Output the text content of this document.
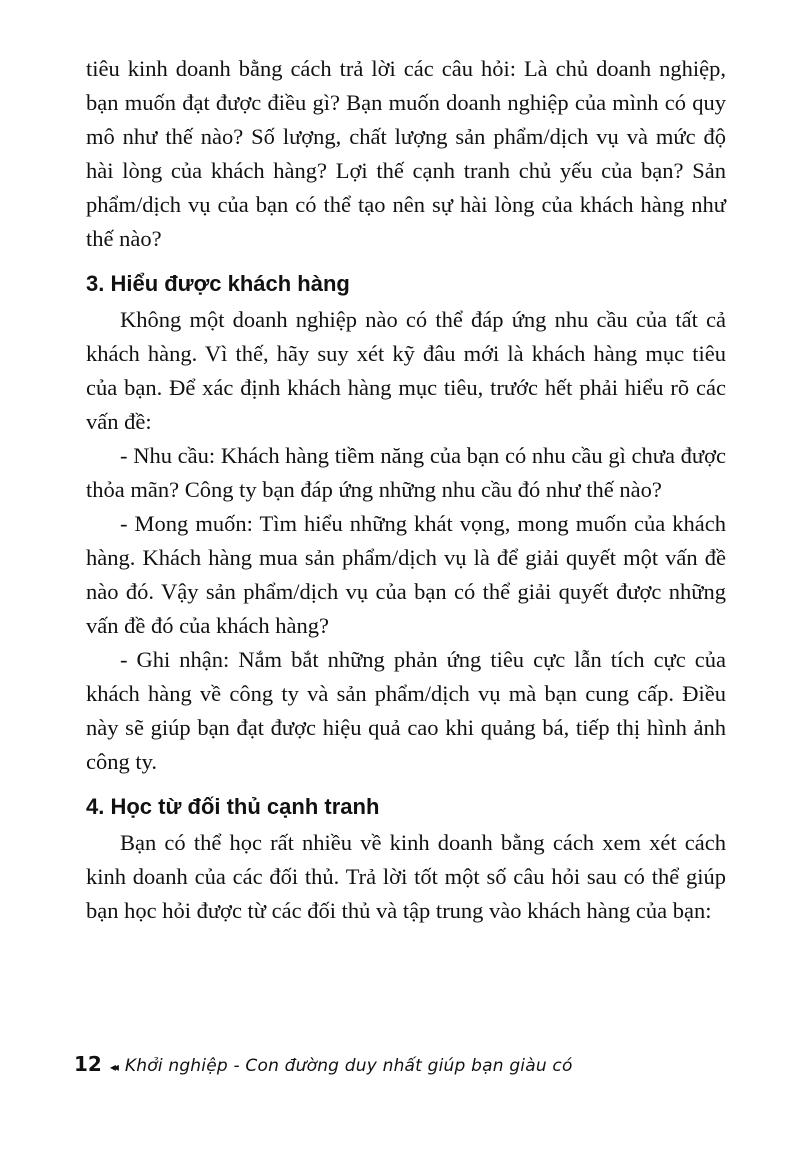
tiêu kinh doanh bằng cách trả lời các câu hỏi: Là chủ doanh nghiệp, bạn muốn đạt được điều gì? Bạn muốn doanh nghiệp của mình có quy mô như thế nào? Số lượng, chất lượng sản phẩm/dịch vụ và mức độ hài lòng của khách hàng? Lợi thế cạnh tranh chủ yếu của bạn? Sản phẩm/dịch vụ của bạn có thể tạo nên sự hài lòng của khách hàng như thế nào?

3. Hiểu được khách hàng

Không một doanh nghiệp nào có thể đáp ứng nhu cầu của tất cả khách hàng. Vì thế, hãy suy xét kỹ đâu mới là khách hàng mục tiêu của bạn. Để xác định khách hàng mục tiêu, trước hết phải hiểu rõ các vấn đề:

- Nhu cầu: Khách hàng tiềm năng của bạn có nhu cầu gì chưa được thỏa mãn? Công ty bạn đáp ứng những nhu cầu đó như thế nào?

- Mong muốn: Tìm hiểu những khát vọng, mong muốn của khách hàng. Khách hàng mua sản phẩm/dịch vụ là để giải quyết một vấn đề nào đó. Vậy sản phẩm/dịch vụ của bạn có thể giải quyết được những vấn đề đó của khách hàng?

- Ghi nhận: Nắm bắt những phản ứng tiêu cực lẫn tích cực của khách hàng về công ty và sản phẩm/dịch vụ mà bạn cung cấp. Điều này sẽ giúp bạn đạt được hiệu quả cao khi quảng bá, tiếp thị hình ảnh công ty.

4. Học từ đối thủ cạnh tranh

Bạn có thể học rất nhiều về kinh doanh bằng cách xem xét cách kinh doanh của các đối thủ. Trả lời tốt một số câu hỏi sau có thể giúp bạn học hỏi được từ các đối thủ và tập trung vào khách hàng của bạn:

12 ◂◂ Khởi nghiệp - Con đường duy nhất giúp bạn giàu có
